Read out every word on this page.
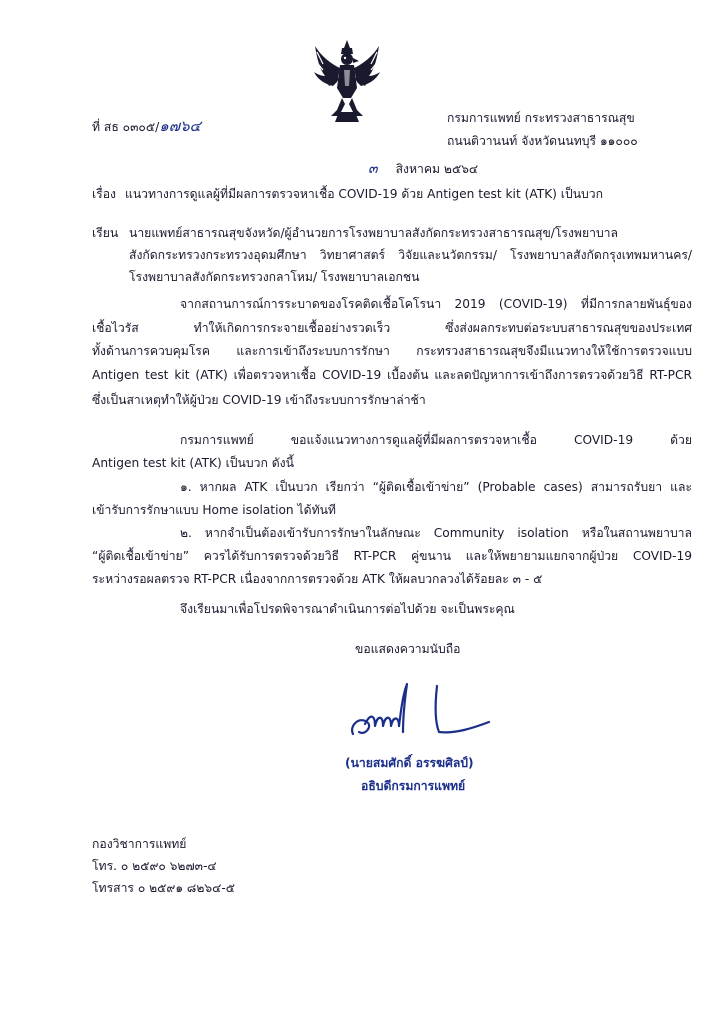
ที่ สธ ๐๓๐๕/๑๗๖๔	กรมการแพทย์ กระทรวงสาธารณสุข
ถนนติวานนท์ จังหวัดนนทบุรี ๑๑๐๐๐
๓ สิงหาคม ๒๕๖๔
เรื่อง แนวทางการดูแลผู้ที่มีผลการตรวจหาเชื้อ COVID-19 ด้วย Antigen test kit (ATK) เป็นบวก
เรียน นายแพทย์สาธารณสุขจังหวัด/ผู้อำนวยการโรงพยาบาลสังกัดกระทรวงสาธารณสุข/โรงพยาบาล
สังกัดกระทรวงกระทรวงอุดมศึกษา วิทยาศาสตร์ วิจัยและนวัตกรรม/ โรงพยาบาลสังกัดกรุงเทพมหานคร/
โรงพยาบาลสังกัดกระทรวงกลาโหม/ โรงพยาบาลเอกชน
จากสถานการณ์การระบาดของโรคติดเชื้อโคโรนา 2019 (COVID-19) ที่มีการกลายพันธุ์ของ
เชื้อไวรัส ทำให้เกิดการกระจายเชื้ออย่างรวดเร็ว ซึ่งส่งผลกระทบต่อระบบสาธารณสุขของประเทศ
ทั้งด้านการควบคุมโรค และการเข้าถึงระบบการรักษา กระทรวงสาธารณสุขจึงมีแนวทางให้ใช้การตรวจแบบ
Antigen test kit (ATK) เพื่อตรวจหาเชื้อ COVID-19 เบื้องต้น และลดปัญหาการเข้าถึงการตรวจด้วยวิธี RT-PCR
ซึ่งเป็นสาเหตุทำให้ผู้ป่วย COVID-19 เข้าถึงระบบการรักษาล่าช้า
กรมการแพทย์ ขอแจ้งแนวทางการดูแลผู้ที่มีผลการตรวจหาเชื้อ COVID-19 ด้วย
Antigen test kit (ATK) เป็นบวก ดังนี้
๑. หากผล ATK เป็นบวก เรียกว่า “ผู้ติดเชื้อเข้าข่าย” (Probable cases) สามารถรับยา และ
เข้ารับการรักษาแบบ Home isolation ได้ทันที
๒. หากจำเป็นต้องเข้ารับการรักษาในลักษณะ Community isolation หรือในสถานพยาบาล
“ผู้ติดเชื้อเข้าข่าย” ควรได้รับการตรวจด้วยวิธี RT-PCR คู่ขนาน และให้พยายามแยกจากผู้ป่วย COVID-19
ระหว่างรอผลตรวจ RT-PCR เนื่องจากการตรวจด้วย ATK ให้ผลบวกลวงได้ร้อยละ ๓ - ๕
จึงเรียนมาเพื่อโปรดพิจารณาดำเนินการต่อไปด้วย จะเป็นพระคุณ
ขอแสดงความนับถือ
(นายสมศักดิ์ อรรฆศิลป์)
อธิบดีกรมการแพทย์
กองวิชาการแพทย์
โทร. ๐ ๒๕๙๐ ๖๒๗๓-๔
โทรสาร ๐ ๒๕๙๑ ๘๒๖๔-๕
